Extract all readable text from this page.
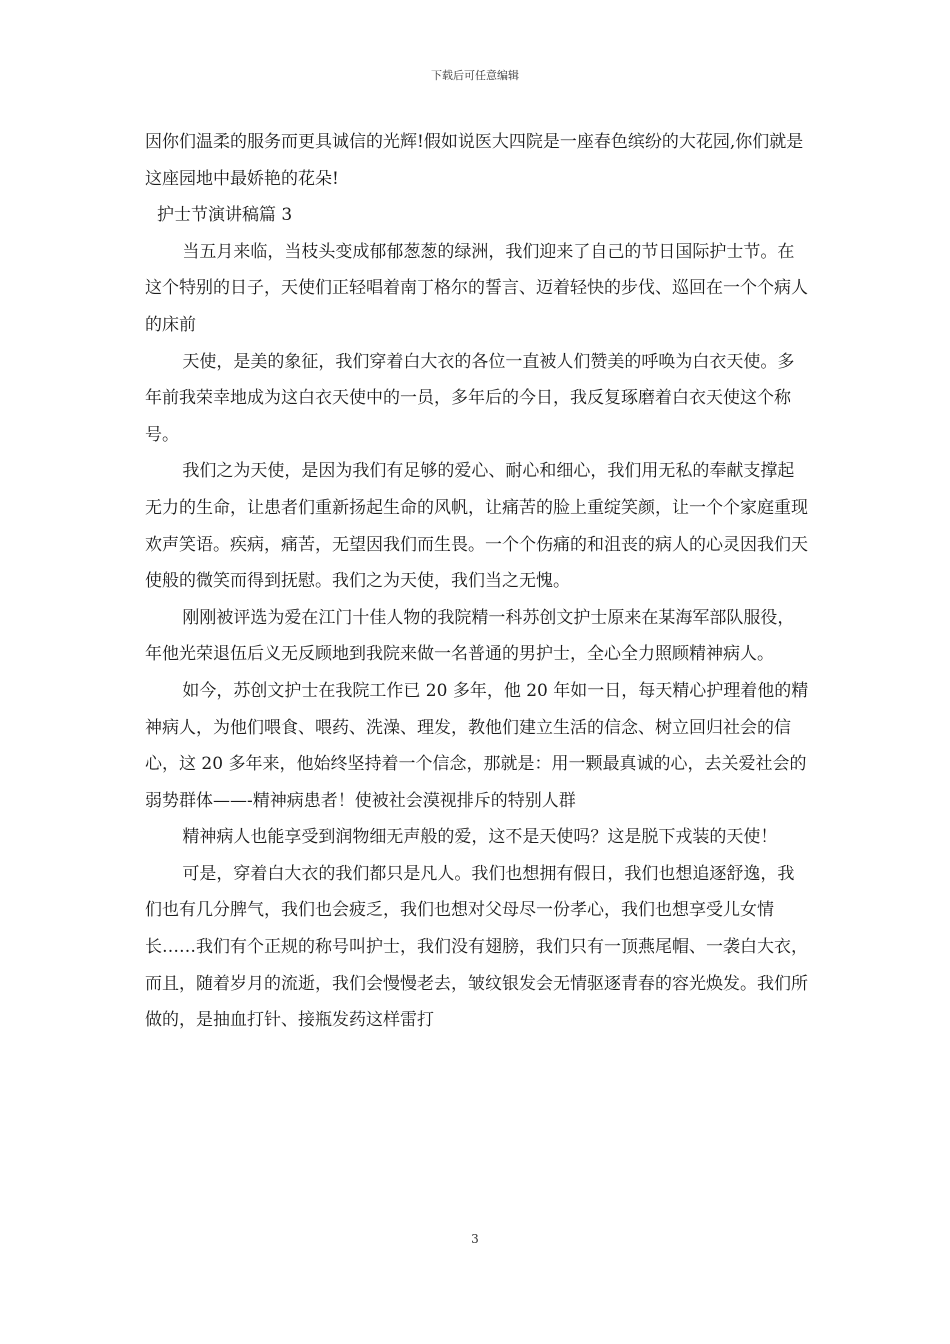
下载后可任意编辑

因你们温柔的服务而更具诚信的光辉!假如说医大四院是一座春色缤纷的大花园,你们就是这座园地中最娇艳的花朵!

护士节演讲稿篇 3

当五月来临，当枝头变成郁郁葱葱的绿洲，我们迎来了自己的节日国际护士节。在这个特别的日子，天使们正轻唱着南丁格尔的誓言、迈着轻快的步伐、巡回在一个个病人的床前

天使，是美的象征，我们穿着白大衣的各位一直被人们赞美的呼唤为白衣天使。多年前我荣幸地成为这白衣天使中的一员，多年后的今日，我反复琢磨着白衣天使这个称号。

我们之为天使，是因为我们有足够的爱心、耐心和细心，我们用无私的奉献支撑起无力的生命，让患者们重新扬起生命的风帆，让痛苦的脸上重绽笑颜，让一个个家庭重现欢声笑语。疾病，痛苦，无望因我们而生畏。一个个伤痛的和沮丧的病人的心灵因我们天使般的微笑而得到抚慰。我们之为天使，我们当之无愧。

刚刚被评选为爱在江门十佳人物的我院精一科苏创文护士原来在某海军部队服役，年他光荣退伍后义无反顾地到我院来做一名普通的男护士，全心全力照顾精神病人。

如今，苏创文护士在我院工作已 20 多年，他 20 年如一日，每天精心护理着他的精神病人，为他们喂食、喂药、洗澡、理发，教他们建立生活的信念、树立回归社会的信心，这 20 多年来，他始终坚持着一个信念，那就是：用一颗最真诚的心，去关爱社会的弱势群体——-精神病患者！使被社会漠视排斥的特别人群

精神病人也能享受到润物细无声般的爱，这不是天使吗？这是脱下戎装的天使！

可是，穿着白大衣的我们都只是凡人。我们也想拥有假日，我们也想追逐舒逸，我们也有几分脾气，我们也会疲乏，我们也想对父母尽一份孝心，我们也想享受儿女情长……我们有个正规的称号叫护士，我们没有翅膀，我们只有一顶燕尾帽、一袭白大衣，而且，随着岁月的流逝，我们会慢慢老去，皱纹银发会无情驱逐青春的容光焕发。我们所做的，是抽血打针、接瓶发药这样雷打

3
